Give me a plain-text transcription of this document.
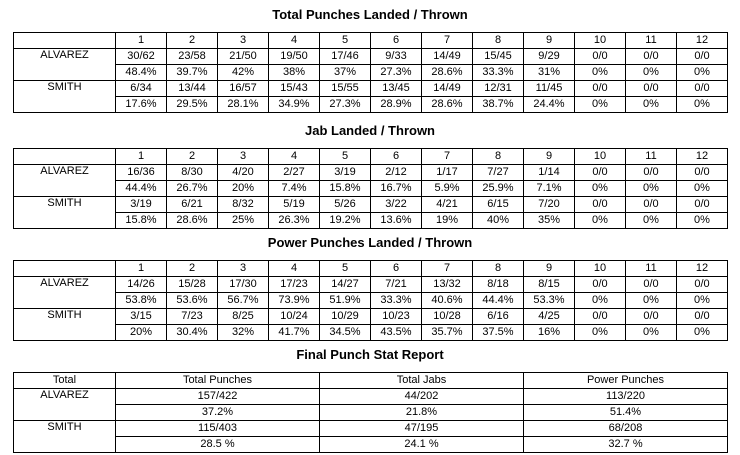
Total Punches Landed / Thrown
	1	2	3	4	5	6	7	8	9	10	11	12
ALVAREZ	30/62	23/58	21/50	19/50	17/46	9/33	14/49	15/45	9/29	0/0	0/0	0/0
	48.4%	39.7%	42%	38%	37%	27.3%	28.6%	33.3%	31%	0%	0%	0%
SMITH	6/34	13/44	16/57	15/43	15/55	13/45	14/49	12/31	11/45	0/0	0/0	0/0
	17.6%	29.5%	28.1%	34.9%	27.3%	28.9%	28.6%	38.7%	24.4%	0%	0%	0%
Jab Landed / Thrown
	1	2	3	4	5	6	7	8	9	10	11	12
ALVAREZ	16/36	8/30	4/20	2/27	3/19	2/12	1/17	7/27	1/14	0/0	0/0	0/0
	44.4%	26.7%	20%	7.4%	15.8%	16.7%	5.9%	25.9%	7.1%	0%	0%	0%
SMITH	3/19	6/21	8/32	5/19	5/26	3/22	4/21	6/15	7/20	0/0	0/0	0/0
	15.8%	28.6%	25%	26.3%	19.2%	13.6%	19%	40%	35%	0%	0%	0%
Power Punches Landed / Thrown
	1	2	3	4	5	6	7	8	9	10	11	12
ALVAREZ	14/26	15/28	17/30	17/23	14/27	7/21	13/32	8/18	8/15	0/0	0/0	0/0
	53.8%	53.6%	56.7%	73.9%	51.9%	33.3%	40.6%	44.4%	53.3%	0%	0%	0%
SMITH	3/15	7/23	8/25	10/24	10/29	10/23	10/28	6/16	4/25	0/0	0/0	0/0
	20%	30.4%	32%	41.7%	34.5%	43.5%	35.7%	37.5%	16%	0%	0%	0%
Final Punch Stat Report
Total	Total Punches	Total Jabs	Power Punches
ALVAREZ	157/422	44/202	113/220
	37.2%	21.8%	51.4%
SMITH	115/403	47/195	68/208
	28.5 %	24.1 %	32.7 %
